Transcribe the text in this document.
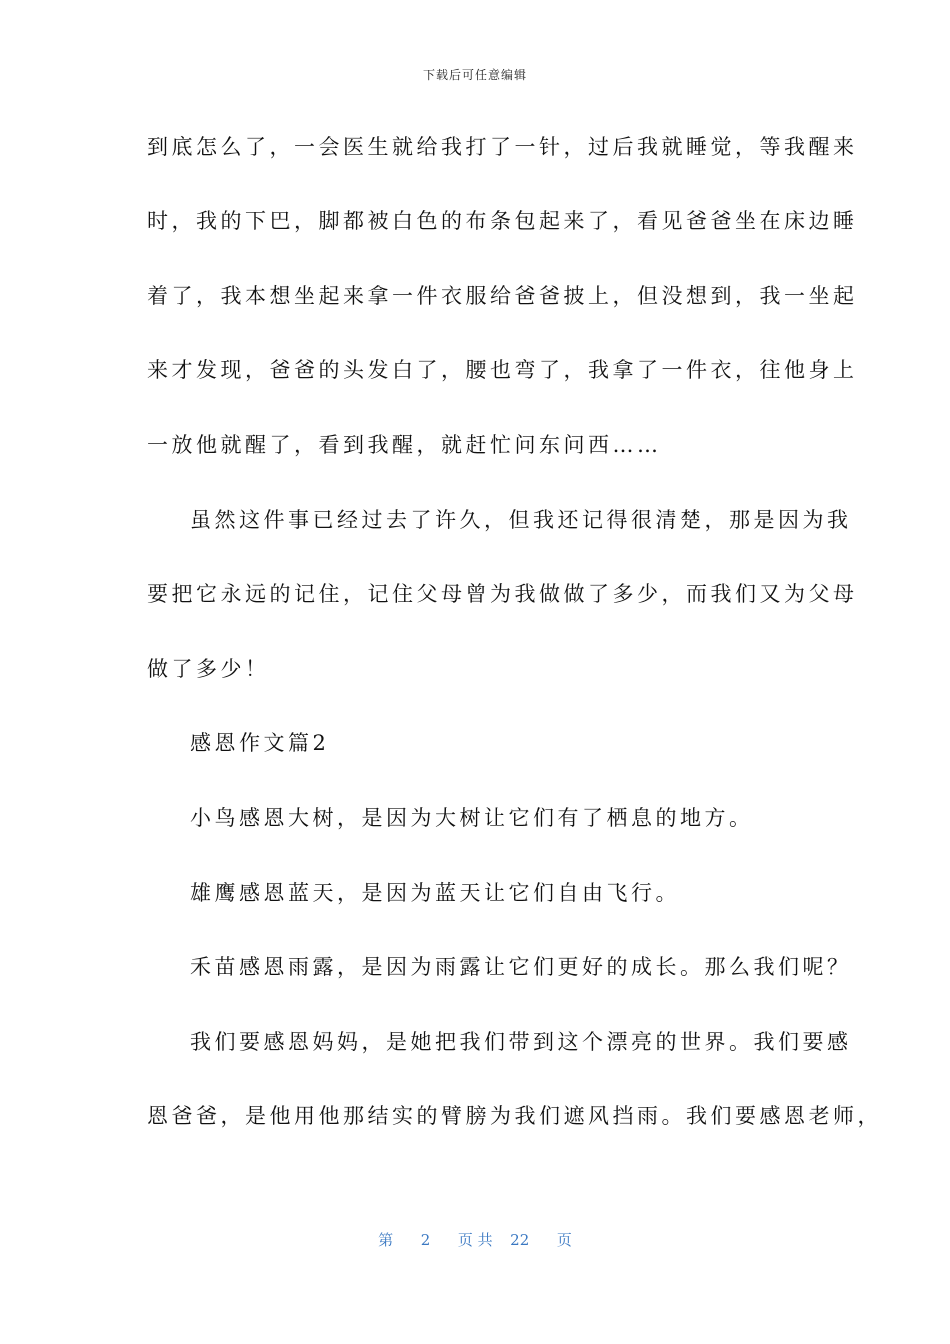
下载后可任意编辑
到底怎么了，一会医生就给我打了一针，过后我就睡觉，等我醒来
时，我的下巴，脚都被白色的布条包起来了，看见爸爸坐在床边睡
着了，我本想坐起来拿一件衣服给爸爸披上，但没想到，我一坐起
来才发现，爸爸的头发白了，腰也弯了，我拿了一件衣，往他身上
一放他就醒了，看到我醒，就赶忙问东问西……
虽然这件事已经过去了许久，但我还记得很清楚，那是因为我
要把它永远的记住，记住父母曾为我做做了多少，而我们又为父母
做了多少！
感恩作文篇2
小鸟感恩大树，是因为大树让它们有了栖息的地方。
雄鹰感恩蓝天，是因为蓝天让它们自由飞行。
禾苗感恩雨露，是因为雨露让它们更好的成长。那么我们呢？
我们要感恩妈妈，是她把我们带到这个漂亮的世界。我们要感
恩爸爸，是他用他那结实的臂膀为我们遮风挡雨。我们要感恩老师，
第 2 页 共 22 页
